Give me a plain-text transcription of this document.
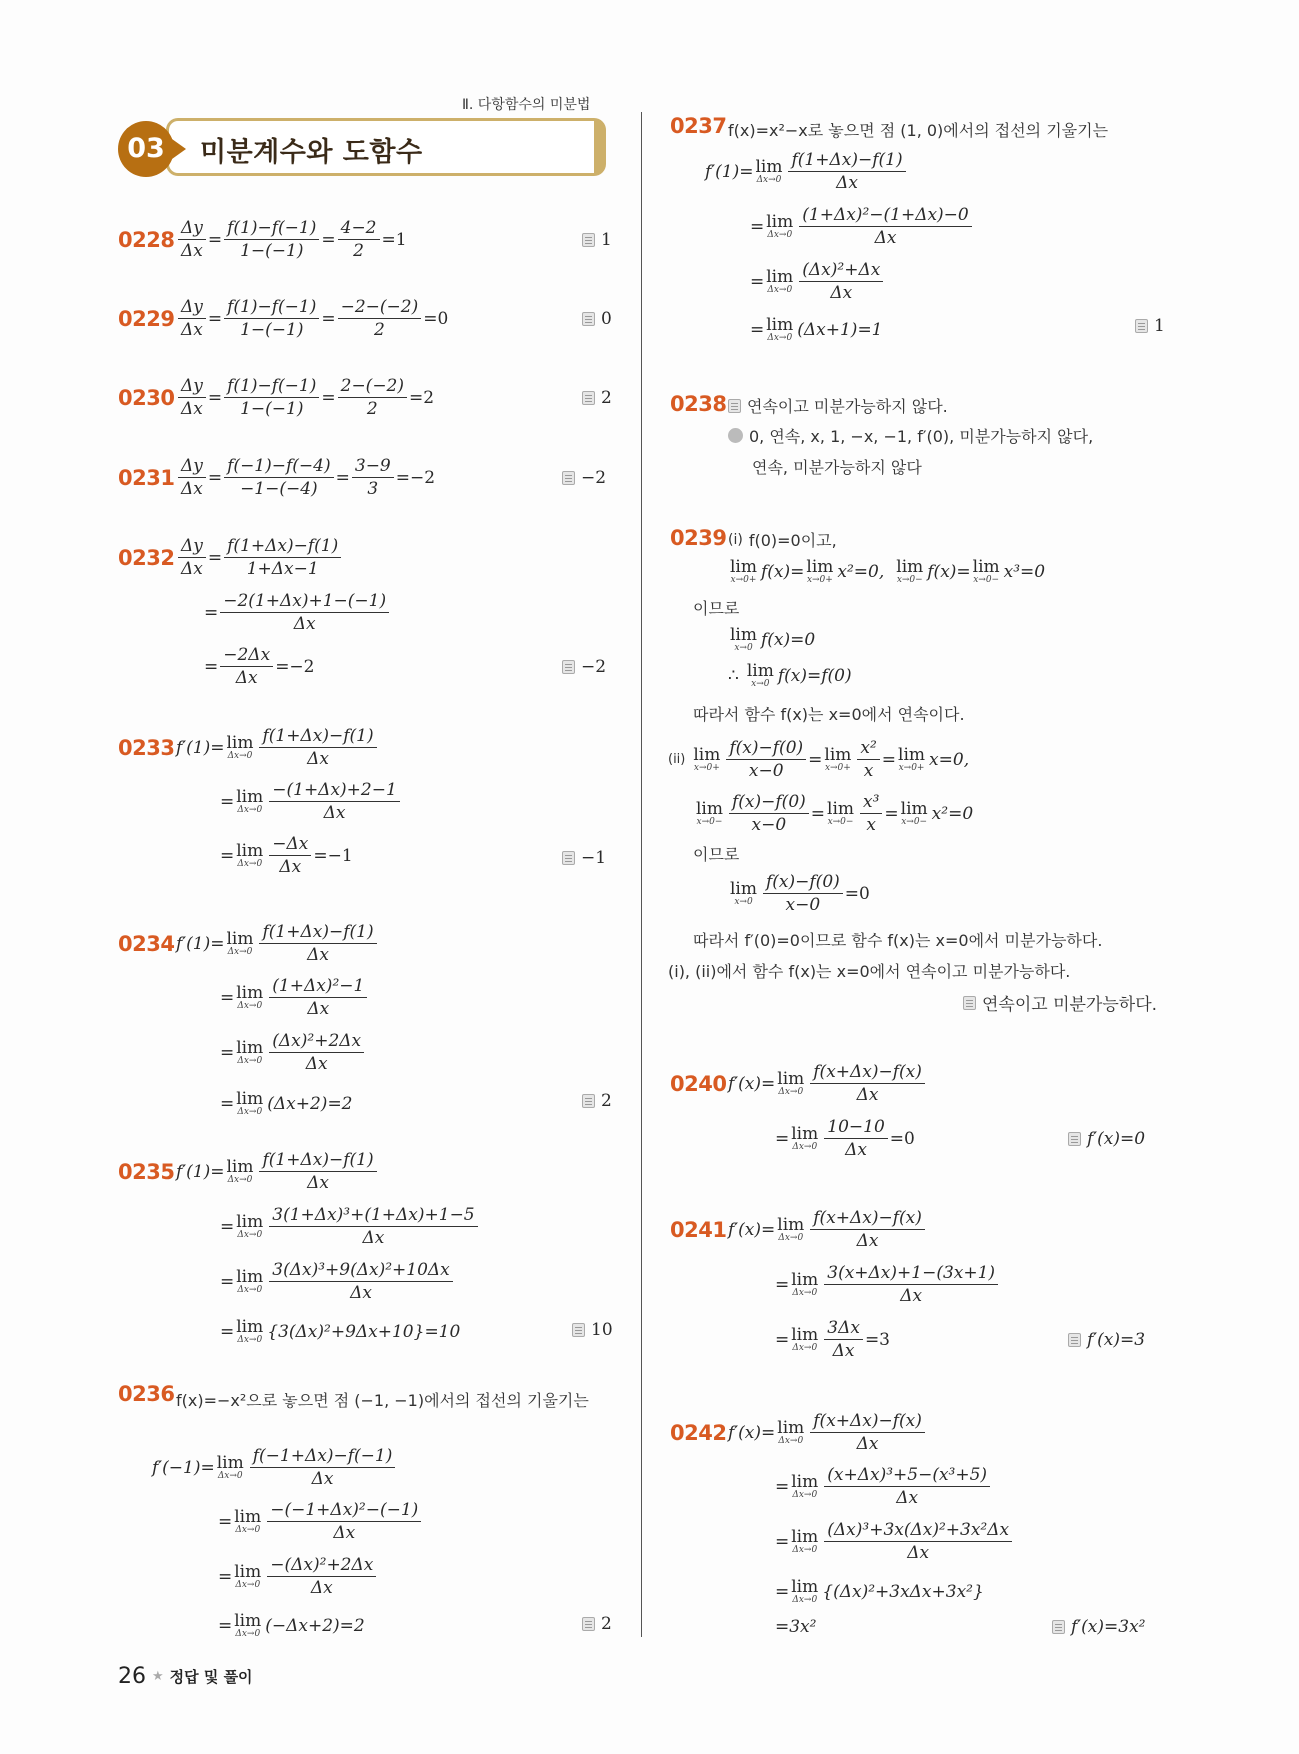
Ⅱ. 다항함수의 미분법
03	미분계수와 도함수
$0228 \frac{\Delta y}{\Delta x} = \frac{f(1)-f(-1)}{1-(-1)} = \frac{4-2}{2} =1$	1
$0229 \frac{\Delta y}{\Delta x} = \frac{f(1)-f(-1)}{1-(-1)} = \frac{-2-(-2)}{2} =0$	0
$0230 \frac{\Delta y}{\Delta x} = \frac{f(1)-f(-1)}{1-(-1)} = \frac{2-(-2)}{2} =2$	2
$0231 \frac{\Delta y}{\Delta x} = \frac{f(-1)-f(-4)}{-1-(-4)} = \frac{3-9}{3} =-2$	−2
$0232 \frac{\Delta y}{\Delta x} = \frac{f(1+\Delta x)-f(1)}{1+\Delta x-1}$
= $\frac{-2(1+\Delta x)+1-(-1)}{\Delta x}$
= $\frac{-2\Delta x}{\Delta x} =-2$	−2
0233 f′(1) = lim
$\Delta x\to 0 \frac{f(1+\Delta x)-f(1)}{\Delta x}$
= lim
$\Delta x\to 0 \frac{-(1+\Delta x)+2-1}{\Delta x}$
= lim
$\Delta x\to 0 \frac{-\Delta x}{\Delta x} =-1$	−1
0234 f′(1) = lim
$\Delta x\to 0 \frac{f(1+\Delta x)-f(1)}{\Delta x}$
= lim
$\Delta x\to 0 \frac{\text{(1+Δx)²−1}}{\Delta x}$
= lim
$\Delta x\to 0 \frac{\text{(Δx)²+2Δx}}{\Delta x}$
= lim
Δx→0 (Δx+2)=2	2
0235 f′(1) = lim
$\Delta x\to 0 \frac{f(1+\Delta x)-f(1)}{\Delta x}$
= lim
$\Delta x\to 0 \frac{\text{3(1+Δx)³+(1+Δx)+1−5}}{\Delta x}$
= lim
$\Delta x\to 0 \frac{\text{3(Δx)³+9(Δx)²+10Δx}}{\Delta x}$
= lim
Δx→0 {3(Δx)²+9Δx+10}=10	10
0236 f(x)=−x²으로 놓으면 점 (−1, −1)에서의 접선의 기울기는
f′(−1) = lim
$\Delta x\to 0 \frac{f(-1+\Delta x)-f(-1)}{\Delta x}$
= lim
$\Delta x\to 0 \frac{\text{−(−1+Δx)²−(−1)}}{\Delta x}$
= lim
$\Delta x\to 0 \frac{\text{−(Δx)²+2Δx}}{\Delta x}$
= lim
Δx→0 (−Δx+2)=2	2
0237 f(x)=x²−x로 놓으면 점 (1, 0)에서의 접선의 기울기는
f′(1) = lim
$\Delta x\to 0 \frac{f(1+\Delta x)-f(1)}{\Delta x}$
= lim
$\Delta x\to 0 \frac{\text{(1+Δx)²−(1+Δx)−0}}{\Delta x}$
= lim
$\Delta x\to 0 \frac{\text{(Δx)²+Δx}}{\Delta x}$
= lim
Δx→0 (Δx+1)=1	1
0238 연속이고 미분가능하지 않다.
0, 연속, x, 1, −x, −1, f′(0), 미분가능하지 않다,
연속, 미분가능하지 않다
0239 (i) f(0)=0이고,
lim
x→0+ f(x)= lim
x→0+ x²=0, lim
x→0− f(x)= lim
x→0− x³=0
이므로
lim
x→0 f(x)=0
∴ lim
x→0 f(x)=f(0)
따라서 함수 f(x)는 x=0에서 연속이다.
(ii) lim
$x\to 0+ \frac{f(x)-f(0)}{x-0} = \lim$
$x\to 0+ \frac{\text{x²}}{x} = \lim$
x→0+ x=0,
lim
$x\to 0- \frac{f(x)-f(0)}{x-0} = \lim$
$x\to 0- \frac{\text{x³}}{x} = \lim$
x→0− x²=0
이므로
lim
$x\to 0 \frac{f(x)-f(0)}{x-0} =0$
따라서 f′(0)=0이므로 함수 f(x)는 x=0에서 미분가능하다.
(i), (ii)에서 함수 f(x)는 x=0에서 연속이고 미분가능하다.
연속이고 미분가능하다.
0240 f′(x) = lim
$\Delta x\to 0 \frac{f(x+\Delta x)-f(x)}{\Delta x}$
= lim
$\Delta x\to 0 \frac{10-10}{\Delta x} =0$	f′(x)=0
0241 f′(x) = lim
$\Delta x\to 0 \frac{f(x+\Delta x)-f(x)}{\Delta x}$
= lim
$\Delta x\to 0 \frac{3(x+\Delta x)+1-(3x+1)}{\Delta x}$
= lim
$\Delta x\to 0 \frac{3\Delta x}{\Delta x} =3$	f′(x)=3
0242 f′(x) = lim
$\Delta x\to 0 \frac{f(x+\Delta x)-f(x)}{\Delta x}$
= lim
$\Delta x\to 0 \frac{\text{(x+Δx)³+5−(x³+5)}}{\Delta x}$
= lim
$\Delta x\to 0 \frac{\text{(Δx)³+3x(Δx)²+3x²Δx}}{\Delta x}$
= lim
Δx→0 {(Δx)²+3xΔx+3x²}
=3x²	f′(x)=3x²
26 ★ 정답 및 풀이
